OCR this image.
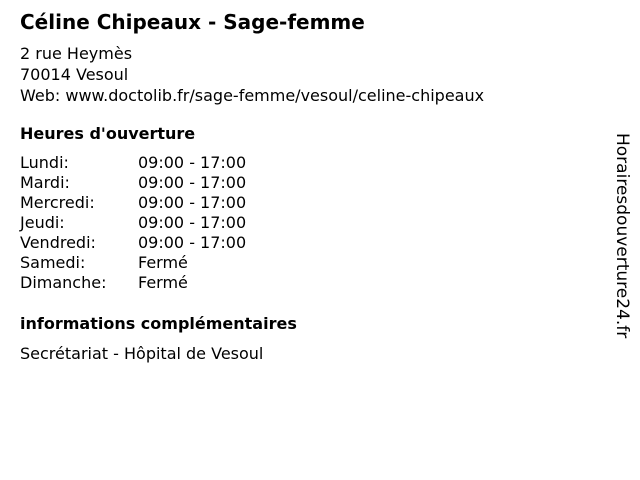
Céline Chipeaux - Sage-femme
2 rue Heymès
70014 Vesoul
Web: www.doctolib.fr/sage-femme/vesoul/celine-chipeaux
Heures d'ouverture
Lundi:	09:00 - 17:00
Mardi:	09:00 - 17:00
Mercredi:	09:00 - 17:00
Jeudi:	09:00 - 17:00
Vendredi:	09:00 - 17:00
Samedi:	Fermé
Dimanche:	Fermé
informations complémentaires
Secrétariat - Hôpital de Vesoul
Horairesdouverture24.fr
